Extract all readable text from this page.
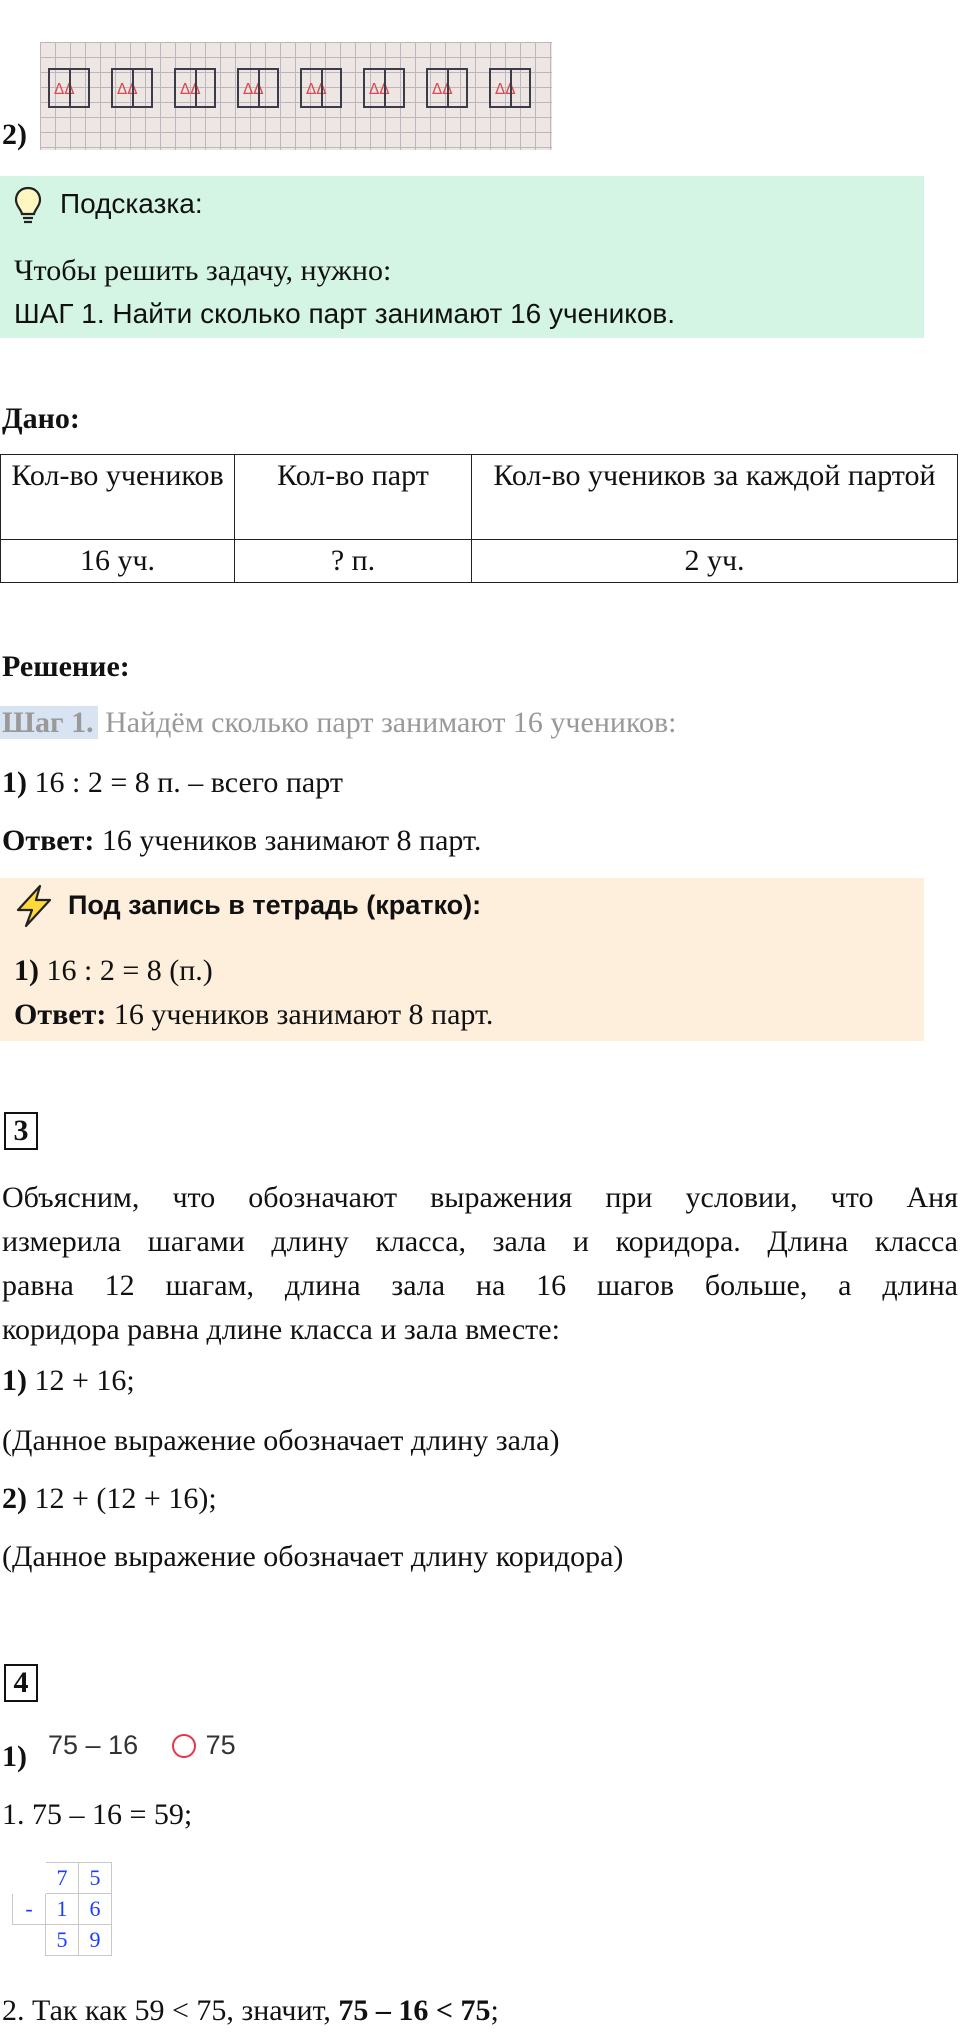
ΔΔ	ΔΔ	ΔΔ	ΔΔ	ΔΔ	ΔΔ	ΔΔ	ΔΔ
2)
Подсказка:
Чтобы решить задачу, нужно:
ШАГ 1. Найти сколько парт занимают 16 учеников.
Дано:
Кол-во учеников	Кол-во парт	Кол-во учеников за каждой партой
16 уч.	? п.	2 уч.
Решение:
Шаг 1. Найдём сколько парт занимают 16 учеников:
1) 16 : 2 = 8 п. – всего парт
Ответ: 16 учеников занимают 8 парт.
Под запись в тетрадь (кратко):
1) 16 : 2 = 8 (п.)
Ответ: 16 учеников занимают 8 парт.
3
Объясним, что обозначают выражения при условии, что Аня
измерила шагами длину класса, зала и коридора. Длина класса
равна 12 шагам, длина зала на 16 шагов больше, а длина
коридора равна длине класса и зала вместе:
1) 12 + 16;
(Данное выражение обозначает длину зала)
2) 12 + (12 + 16);
(Данное выражение обозначает длину коридора)
4
1) 75 – 16	75
1. 75 – 16 = 59;
	7	5
-	1	6
	5	9
2. Так как 59 < 75, значит, 75 – 16 < 75;
